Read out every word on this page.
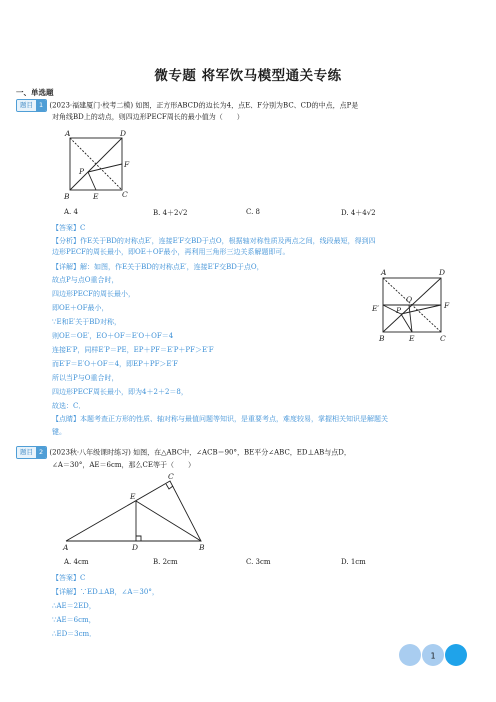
微专题 将军饮马模型通关专练
一、单选题
题目 1 (2023·福建厦门·校考二模) 如图，正方形ABCD的边长为4，点E、F分别为BC、CD的中点，点P是
对角线BD上的动点，则四边形PECF周长的最小值为（　　）
A	D
F
P
B	E	C
A. 4	B. 4＋2√2	C. 8	D. 4＋4√2
【答案】C
【分析】作E关于BD的对称点E′，连接E′F交BD于点O，根据轴对称性质及两点之间，线段最短，得到四
边形PECF的周长最小，即OE＋OF最小，再利用三角形三边关系解题即可。
【详解】解：如图，作E关于BD的对称点E′，连接E′F交BD于点O，
故点P与点O重合时，
四边形PECF的周长最小，
即OE＋OF最小，
∵E和E′关于BD对称，
则OE＝OE′，EO＋OF＝E′O＋OF＝4
连接E′P，同样E′P＝PE，EP＋PF＝E′P＋PF＞E′F
而E′F＝E′O＋OF＝4，即EP＋PF＞E′F
所以当P与O重合时，
四边形PECF周长最小，即为4＋2＋2＝8，
故选：C．
A	D
E′
O
P
F
B	E	C
【点睛】本题考查正方形的性质、轴对称与最值问题等知识，是重要考点，难度较易，掌握相关知识是解题关
键。
题目 2 (2023秋·八年级课时练习) 如图，在△ABC中，∠ACB＝90°，BE平分∠ABC，ED⊥AB与点D，
∠A＝30°，AE＝6cm，那么CE等于（　　）
C
E
A	D	B
A. 4cm	B. 2cm	C. 3cm	D. 1cm
【答案】C
【详解】∵ED⊥AB，∠A＝30°，
∴AE＝2ED，
∵AE＝6cm，
∴ED＝3cm．
1
